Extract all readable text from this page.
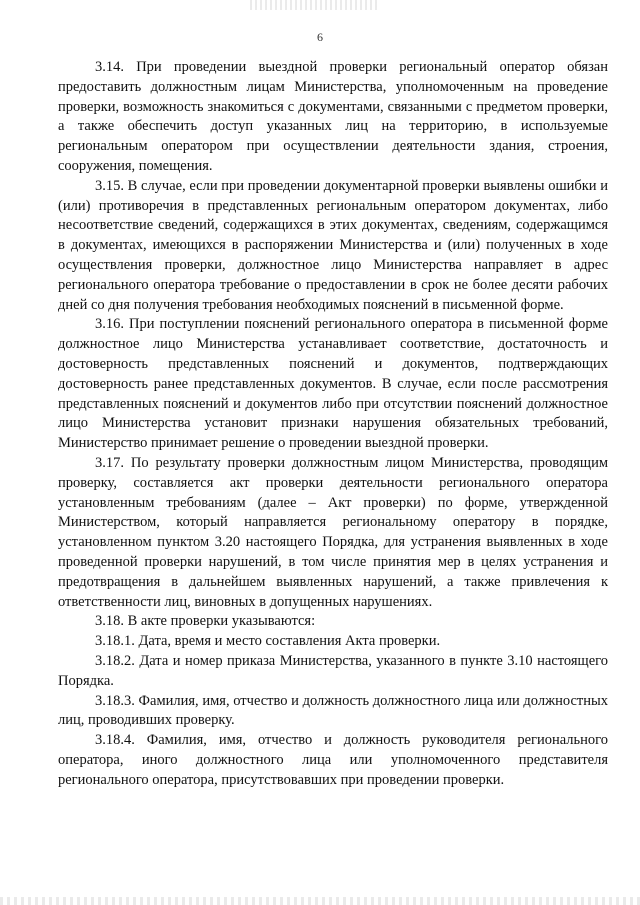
6

3.14. При проведении выездной проверки региональный оператор обязан предоставить должностным лицам Министерства, уполномоченным на проведение проверки, возможность знакомиться с документами, связанными с предметом проверки, а также обеспечить доступ указанных лиц на территорию, в используемые региональным оператором при осуществлении деятельности здания, строения, сооружения, помещения.

3.15. В случае, если при проведении документарной проверки выявлены ошибки и (или) противоречия в представленных региональным оператором документах, либо несоответствие сведений, содержащихся в этих документах, сведениям, содержащимся в документах, имеющихся в распоряжении Министерства и (или) полученных в ходе осуществления проверки, должностное лицо Министерства направляет в адрес регионального оператора требование о предоставлении в срок не более десяти рабочих дней со дня получения требования необходимых пояснений в письменной форме.

3.16. При поступлении пояснений регионального оператора в письменной форме должностное лицо Министерства устанавливает соответствие, достаточность и достоверность представленных пояснений и документов, подтверждающих достоверность ранее представленных документов. В случае, если после рассмотрения представленных пояснений и документов либо при отсутствии пояснений должностное лицо Министерства установит признаки нарушения обязательных требований, Министерство принимает решение о проведении выездной проверки.

3.17. По результату проверки должностным лицом Министерства, проводящим проверку, составляется акт проверки деятельности регионального оператора установленным требованиям (далее – Акт проверки) по форме, утвержденной Министерством, который направляется региональному оператору в порядке, установленном пунктом 3.20 настоящего Порядка, для устранения выявленных в ходе проведенной проверки нарушений, в том числе принятия мер в целях устранения и предотвращения в дальнейшем выявленных нарушений, а также привлечения к ответственности лиц, виновных в допущенных нарушениях.

3.18. В акте проверки указываются:

3.18.1. Дата, время и место составления Акта проверки.

3.18.2. Дата и номер приказа Министерства, указанного в пункте 3.10 настоящего Порядка.

3.18.3. Фамилия, имя, отчество и должность должностного лица или должностных лиц, проводивших проверку.

3.18.4. Фамилия, имя, отчество и должность руководителя регионального оператора, иного должностного лица или уполномоченного представителя регионального оператора, присутствовавших при проведении проверки.
